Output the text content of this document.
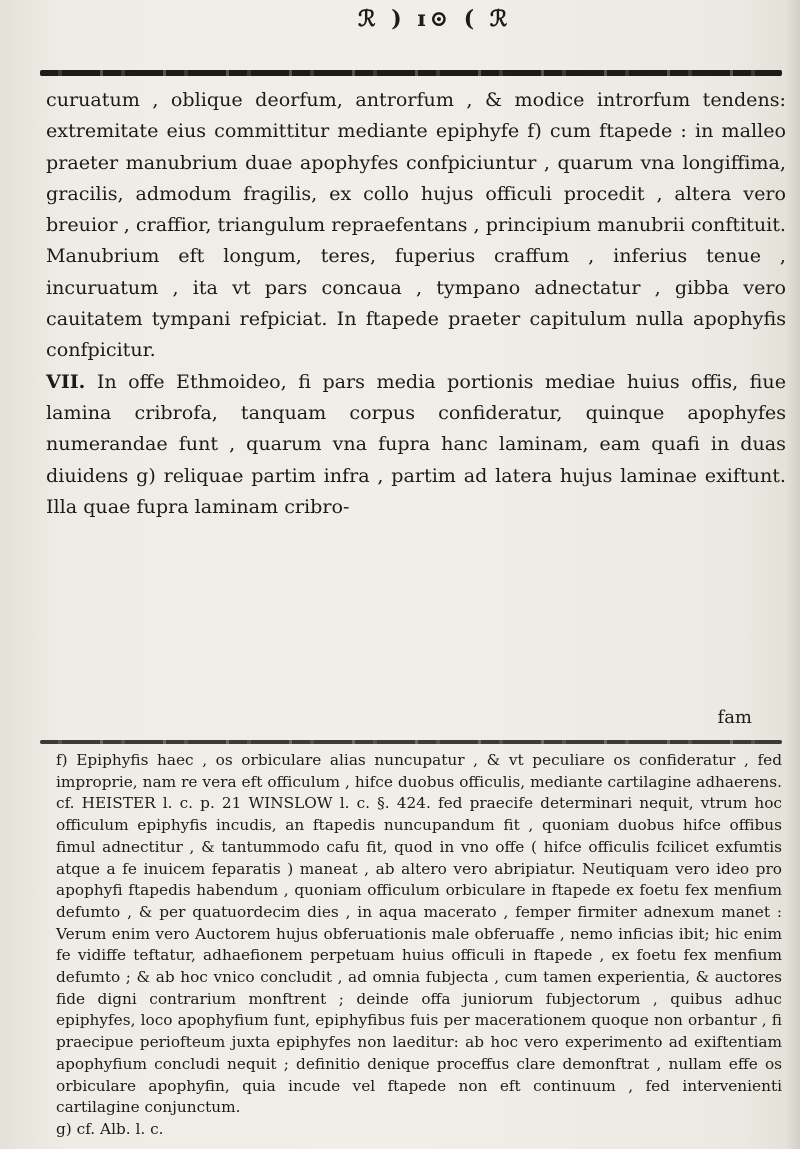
ℛ ) ɪ⊙ ( ℛ

curuatum , oblique deorfum, antrorfum , & modice introrfum tendens: extremitate eius committitur mediante epiphyfe f) cum ftapede : in malleo praeter manubrium duae apophyfes confpiciuntur , quarum vna longiffima, gracilis, admodum fragilis, ex collo hujus officuli procedit , altera vero breuior , craffior, triangulum repraefentans , principium manubrii conftituit. Manubrium eft longum, teres, fuperius craffum , inferius tenue , incuruatum , ita vt pars concaua , tympano adnectatur , gibba vero cauitatem tympani refpiciat. In ftapede praeter capitulum nulla apophyfis confpicitur.

VII. In offe Ethmoideo, fi pars media portionis mediae huius offis, fiue lamina cribrofa, tanquam corpus confideratur, quinque apophyfes numerandae funt , quarum vna fupra hanc laminam, eam quafi in duas diuidens g) reliquae partim infra , partim ad latera hujus laminae exiftunt. Illa quae fupra laminam cribro-

fam

f) Epiphyfis haec , os orbiculare alias nuncupatur , & vt peculiare os confideratur , fed improprie, nam re vera eft officulum , hifce duobus officulis, mediante cartilagine adhaerens. cf. HEISTER l. c. p. 21 WINSLOW l. c. §. 424. fed praecife determinari nequit, vtrum hoc officulum epiphyfis incudis, an ftapedis nuncupandum fit , quoniam duobus hifce offibus fimul adnectitur , & tantummodo cafu fit, quod in vno offe ( hifce officulis fcilicet exfumtis atque a fe inuicem feparatis ) maneat , ab altero vero abripiatur. Neutiquam vero ideo pro apophyfi ftapedis habendum , quoniam officulum orbiculare in ftapede ex foetu fex menfium defumto , & per quatuordecim dies , in aqua macerato , femper firmiter adnexum manet : Verum enim vero Auctorem hujus obferuationis male obferuaffe , nemo inficias ibit; hic enim fe vidiffe teftatur, adhaefionem perpetuam huius officuli in ftapede , ex foetu fex menfium defumto ; & ab hoc vnico concludit , ad omnia fubjecta , cum tamen experientia, & auctores fide digni contrarium monftrent ; deinde offa juniorum fubjectorum , quibus adhuc epiphyfes, loco apophyfium funt, epiphyfibus fuis per macerationem quoque non orbantur , fi praecipue periofteum juxta epiphyfes non laeditur: ab hoc vero experimento ad exiftentiam apophyfium concludi nequit ; definitio denique proceffus clare demonftrat , nullam effe os orbiculare apophyfin, quia incude vel ftapede non eft continuum , fed intervenienti cartilagine conjunctum.

g) cf. Alb. l. c.
